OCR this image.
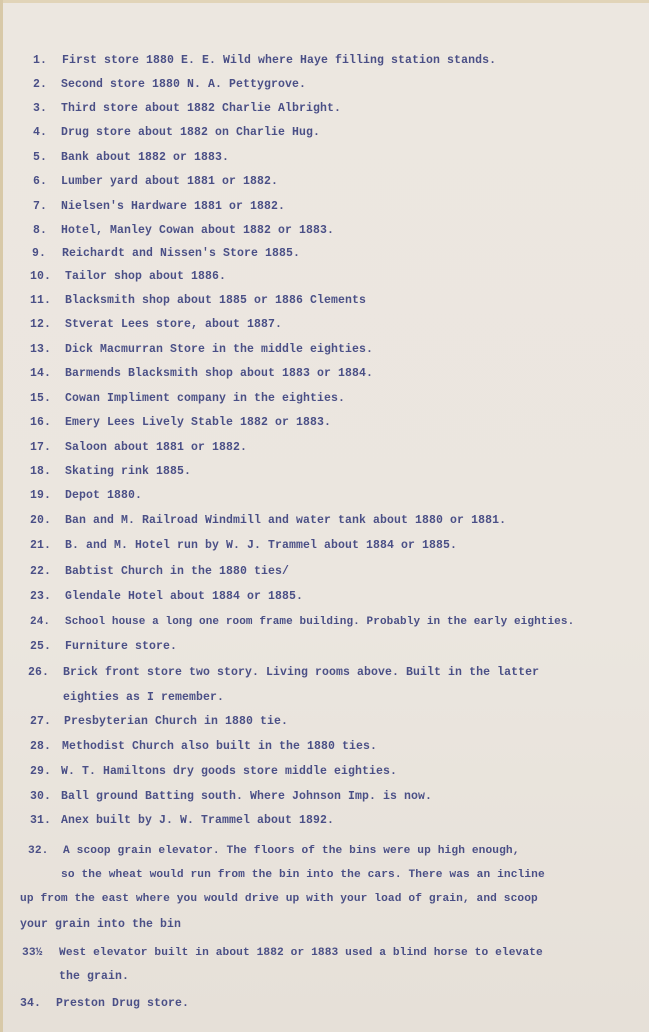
1. First store 1880 E. E. Wild where Haye filling station stands.
2. Second store 1880 N. A. Pettygrove.
3. Third store about 1882 Charlie Albright.
4. Drug store about 1882 on Charlie Hug.
5. Bank about 1882 or 1883.
6. Lumber yard about 1881 or 1882.
7. Nielsen's Hardware 1881 or 1882.
8. Hotel, Manley Cowan about 1882 or 1883.
9. Reichardt and Nissen's Store 1885.
10. Tailor shop about 1886.
11. Blacksmith shop about 1885 or 1886 Clements
12. Stverat Lees store, about 1887.
13. Dick Macmurran Store in the middle eighties.
14. Barmends Blacksmith shop about 1883 or 1884.
15. Cowan Impliment company in the eighties.
16. Emery Lees Lively Stable 1882 or 1883.
17. Saloon about 1881 or 1882.
18. Skating rink 1885.
19. Depot 1880.
20. Ban and M. Railroad Windmill and water tank about 1880 or 1881.
21. B. and M. Hotel run by W. J. Trammel about 1884 or 1885.
22. Babtist Church in the 1880 ties/
23. Glendale Hotel about 1884 or 1885.
24. School house a long one room frame building. Probably in the early eighties.
25. Furniture store.
26. Brick front store two story. Living rooms above. Built in the latter
eighties as I remember.
27. Presbyterian Church in 1880 tie.
28. Methodist Church also built in the 1880 ties.
29. W. T. Hamiltons dry goods store middle eighties.
30. Ball ground Batting south. Where Johnson Imp. is now.
31. Anex built by J. W. Trammel about 1892.
32. A scoop grain elevator. The floors of the bins were up high enough,
so the wheat would run from the bin into the cars. There was an incline
up from the east where you would drive up with your load of grain, and scoop
your grain into the bin
33½ West elevator built in about 1882 or 1883 used a blind horse to elevate
the grain.
34. Preston Drug store.
